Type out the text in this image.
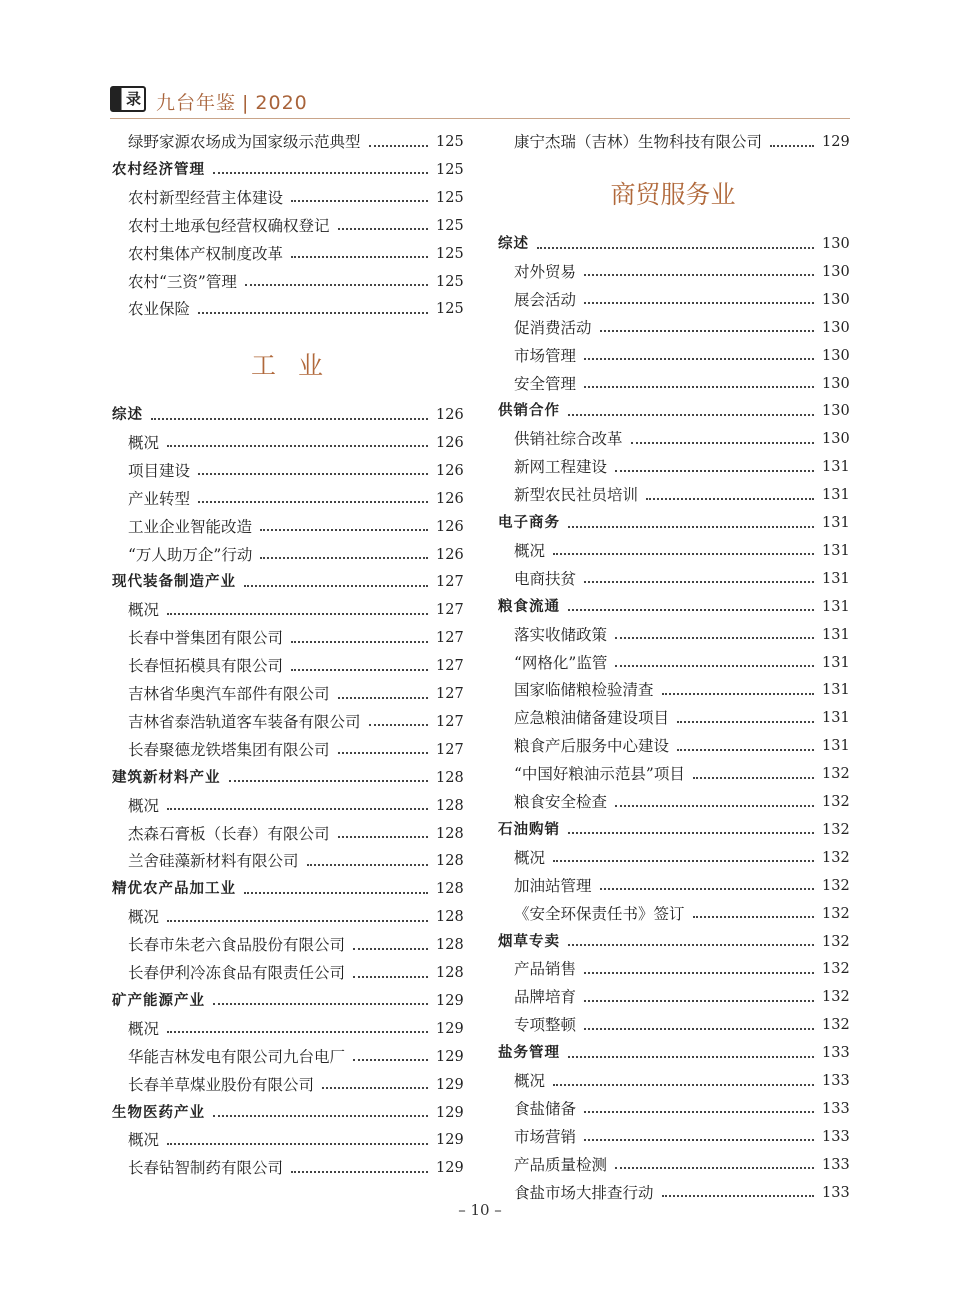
录 九台年鉴 | 2020
绿野家源农场成为国家级示范典型	125
农村经济管理	125
农村新型经营主体建设	125
农村土地承包经营权确权登记	125
农村集体产权制度改革	125
农村“三资”管理	125
农业保险	125
工业
综述	126
概况	126
项目建设	126
产业转型	126
工业企业智能改造	126
“万人助万企”行动	126
现代装备制造产业	127
概况	127
长春中誉集团有限公司	127
长春恒拓模具有限公司	127
吉林省华奥汽车部件有限公司	127
吉林省泰浩轨道客车装备有限公司	127
长春聚德龙铁塔集团有限公司	127
建筑新材料产业	128
概况	128
杰森石膏板（长春）有限公司	128
兰舍硅藻新材料有限公司	128
精优农产品加工业	128
概况	128
长春市朱老六食品股份有限公司	128
长春伊利冷冻食品有限责任公司	128
矿产能源产业	129
概况	129
华能吉林发电有限公司九台电厂	129
长春羊草煤业股份有限公司	129
生物医药产业	129
概况	129
长春钻智制药有限公司	129
康宁杰瑞（吉林）生物科技有限公司	129
商贸服务业
综述	130
对外贸易	130
展会活动	130
促消费活动	130
市场管理	130
安全管理	130
供销合作	130
供销社综合改革	130
新网工程建设	131
新型农民社员培训	131
电子商务	131
概况	131
电商扶贫	131
粮食流通	131
落实收储政策	131
“网格化”监管	131
国家临储粮检验清查	131
应急粮油储备建设项目	131
粮食产后服务中心建设	131
“中国好粮油示范县”项目	132
粮食安全检查	132
石油购销	132
概况	132
加油站管理	132
《安全环保责任书》签订	132
烟草专卖	132
产品销售	132
品牌培育	132
专项整顿	132
盐务管理	133
概况	133
食盐储备	133
市场营销	133
产品质量检测	133
食盐市场大排查行动	133
– 10 –
